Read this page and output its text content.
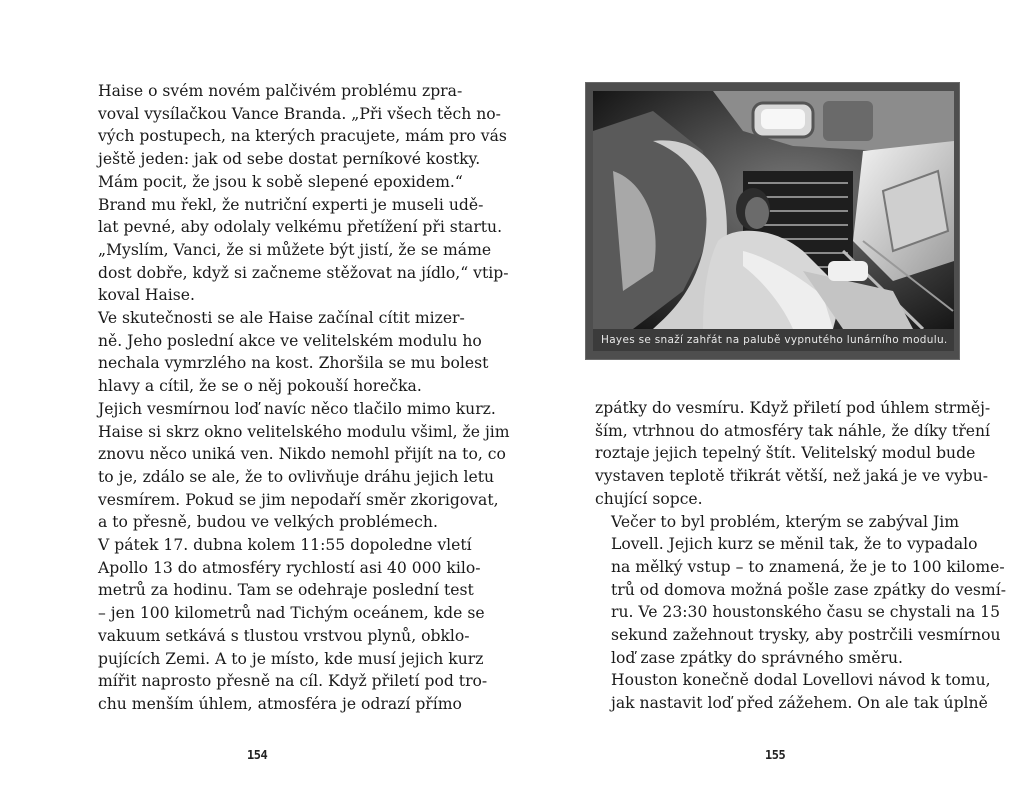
Haise o svém novém palčivém problému zpra-
voval vysílačkou Vance Branda. „Při všech těch no-
vých postupech, na kterých pracujete, mám pro vás
ještě jeden: jak od sebe dostat perníkové kostky.
Mám pocit, že jsou k sobě slepené epoxidem.“

Brand mu řekl, že nutriční experti je museli udě-
lat pevné, aby odolaly velkému přetížení při startu.

„Myslím, Vanci, že si můžete být jistí, že se máme
dost dobře, když si začneme stěžovat na jídlo,“ vtip-
koval Haise.

Ve skutečnosti se ale Haise začínal cítit mizer-
ně. Jeho poslední akce ve velitelském modulu ho
nechala vymrzlého na kost. Zhoršila se mu bolest
hlavy a cítil, že se o něj pokouší horečka.

Jejich vesmírnou loď navíc něco tlačilo mimo kurz.
Haise si skrz okno velitelského modulu všiml, že jim
znovu něco uniká ven. Nikdo nemohl přijít na to, co
to je, zdálo se ale, že to ovlivňuje dráhu jejich letu
vesmírem. Pokud se jim nepodaří směr zkorigovat,
a to přesně, budou ve velkých problémech.

V pátek 17. dubna kolem 11:55 dopoledne vletí
Apollo 13 do atmosféry rychlostí asi 40 000 kilo-
metrů za hodinu. Tam se odehraje poslední test
– jen 100 kilometrů nad Tichým oceánem, kde se
vakuum setkává s tlustou vrstvou plynů, obklo-
pujících Zemi. A to je místo, kde musí jejich kurz
mířit naprosto přesně na cíl. Když přiletí pod tro-
chu menším úhlem, atmosféra je odrazí přímo

154
Hayes se snaží zahřát na palubě vypnutého lunárního modulu.

zpátky do vesmíru. Když přiletí pod úhlem strměj-
ším, vtrhnou do atmosféry tak náhle, že díky tření
roztaje jejich tepelný štít. Velitelský modul bude
vystaven teplotě třikrát větší, než jaká je ve vybu-
chující sopce.

Večer to byl problém, kterým se zabýval Jim
Lovell. Jejich kurz se měnil tak, že to vypadalo
na mělký vstup – to znamená, že je to 100 kilome-
trů od domova možná pošle zase zpátky do vesmí-
ru. Ve 23:30 houstonského času se chystali na 15
sekund zažehnout trysky, aby postrčili vesmírnou
loď zase zpátky do správného směru.

Houston konečně dodal Lovellovi návod k tomu,
jak nastavit loď před zážehem. On ale tak úplně

155
